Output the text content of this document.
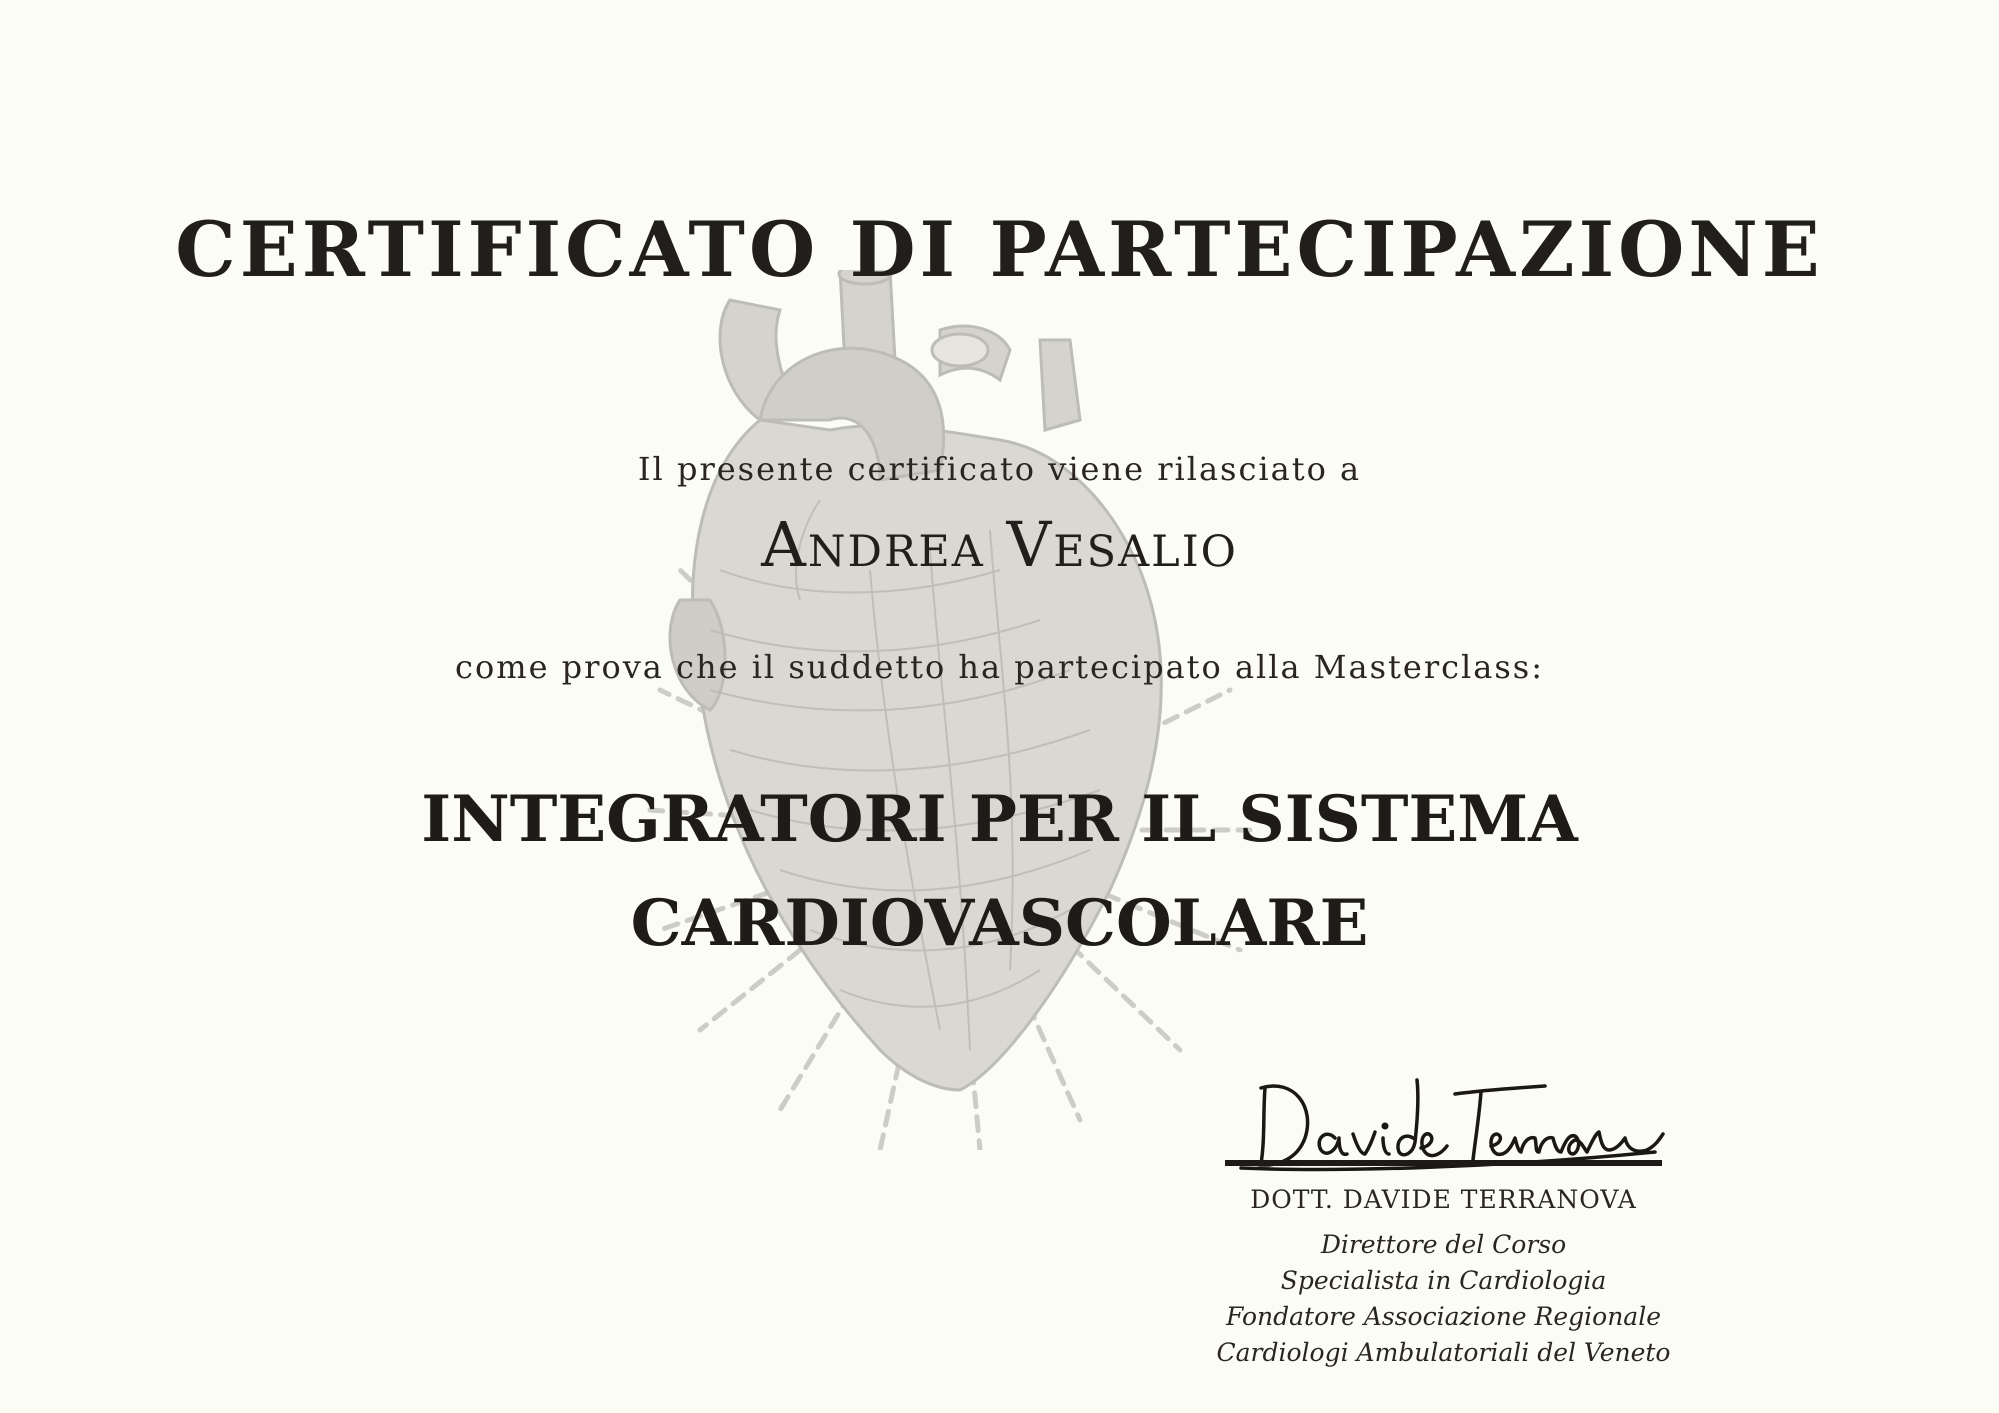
CERTIFICATO DI PARTECIPAZIONE
Il presente certificato viene rilasciato a
Andrea Vesalio
come prova che il suddetto ha partecipato alla Masterclass:
INTEGRATORI PER IL SISTEMA
CARDIOVASCOLARE
DOTT. DAVIDE TERRANOVA
Direttore del Corso
Specialista in Cardiologia
Fondatore Associazione Regionale
Cardiologi Ambulatoriali del Veneto
